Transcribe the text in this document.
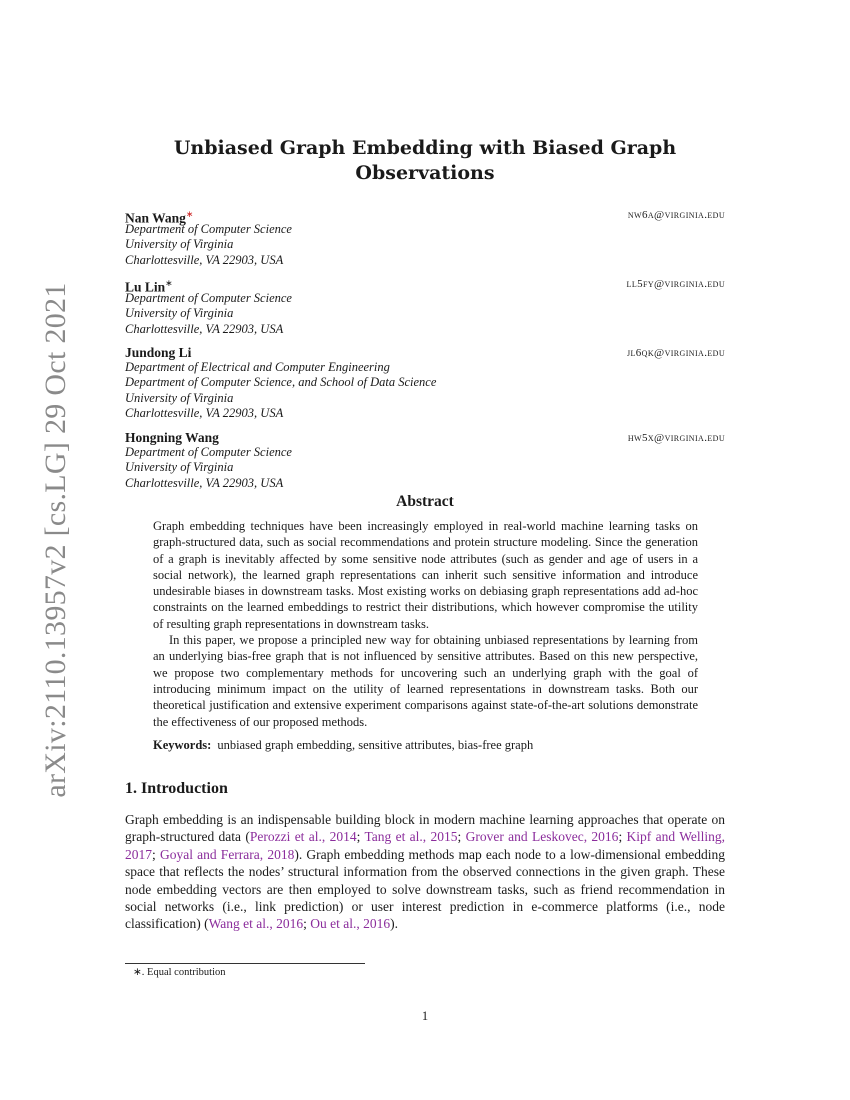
arXiv:2110.13957v2 [cs.LG] 29 Oct 2021
Unbiased Graph Embedding with Biased Graph
Observations
Nan Wang∗	nw6a@virginia.edu
Department of Computer Science
University of Virginia
Charlottesville, VA 22903, USA
Lu Lin∗	ll5fy@virginia.edu
Department of Computer Science
University of Virginia
Charlottesville, VA 22903, USA
Jundong Li	jl6qk@virginia.edu
Department of Electrical and Computer Engineering
Department of Computer Science, and School of Data Science
University of Virginia
Charlottesville, VA 22903, USA
Hongning Wang	hw5x@virginia.edu
Department of Computer Science
University of Virginia
Charlottesville, VA 22903, USA
Abstract

Graph embedding techniques have been increasingly employed in real-world machine learning tasks on graph-structured data, such as social recommendations and protein structure modeling. Since the generation of a graph is inevitably affected by some sensitive node attributes (such as gender and age of users in a social network), the learned graph representations can inherit such sensitive information and introduce undesirable biases in downstream tasks. Most existing works on debiasing graph representations add ad-hoc constraints on the learned embeddings to restrict their distributions, which however compromise the utility of resulting graph representations in downstream tasks.

In this paper, we propose a principled new way for obtaining unbiased representations by learning from an underlying bias-free graph that is not influenced by sensitive attributes. Based on this new perspective, we propose two complementary methods for uncovering such an underlying graph with the goal of introducing minimum impact on the utility of learned representations in downstream tasks. Both our theoretical justification and extensive experiment comparisons against state-of-the-art solutions demonstrate the effectiveness of our proposed methods.

Keywords: unbiased graph embedding, sensitive attributes, bias-free graph
1. Introduction
Graph embedding is an indispensable building block in modern machine learning approaches that operate on graph-structured data (Perozzi et al., 2014; Tang et al., 2015; Grover and Leskovec, 2016; Kipf and Welling, 2017; Goyal and Ferrara, 2018). Graph embedding methods map each node to a low-dimensional embedding space that reflects the nodes’ structural information from the observed connections in the given graph. These node embedding vectors are then employed to solve downstream tasks, such as friend recommendation in social networks (i.e., link prediction) or user interest prediction in e-commerce platforms (i.e., node classification) (Wang et al., 2016; Ou et al., 2016).
∗. Equal contribution
1
